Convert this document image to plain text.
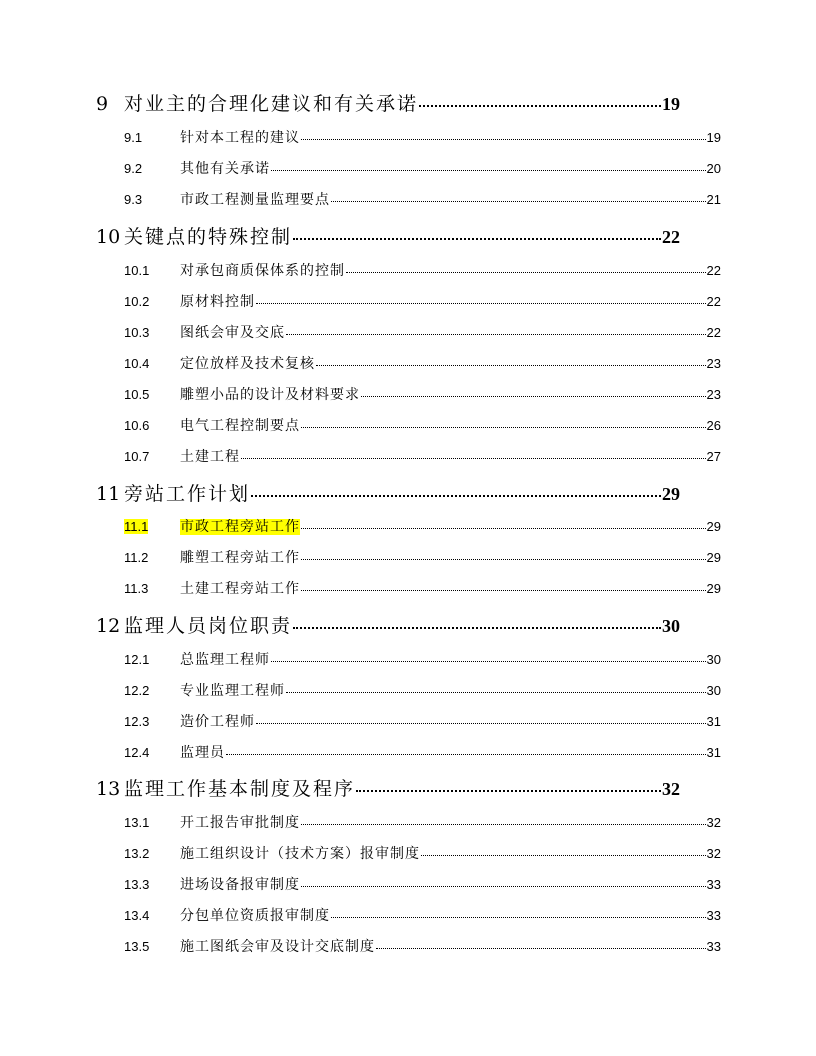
9 对业主的合理化建议和有关承诺	19
9.1	针对本工程的建议	19
9.2	其他有关承诺	20
9.3	市政工程测量监理要点	21
10 关键点的特殊控制	22
10.1	对承包商质保体系的控制	22
10.2	原材料控制	22
10.3	图纸会审及交底	22
10.4	定位放样及技术复核	23
10.5	雕塑小品的设计及材料要求	23
10.6	电气工程控制要点	26
10.7	土建工程	27
11 旁站工作计划	29
11.1	市政工程旁站工作	29
11.2	雕塑工程旁站工作	29
11.3	土建工程旁站工作	29
12 监理人员岗位职责	30
12.1	总监理工程师	30
12.2	专业监理工程师	30
12.3	造价工程师	31
12.4	监理员	31
13 监理工作基本制度及程序	32
13.1	开工报告审批制度	32
13.2	施工组织设计（技术方案）报审制度	32
13.3	进场设备报审制度	33
13.4	分包单位资质报审制度	33
13.5	施工图纸会审及设计交底制度	33
